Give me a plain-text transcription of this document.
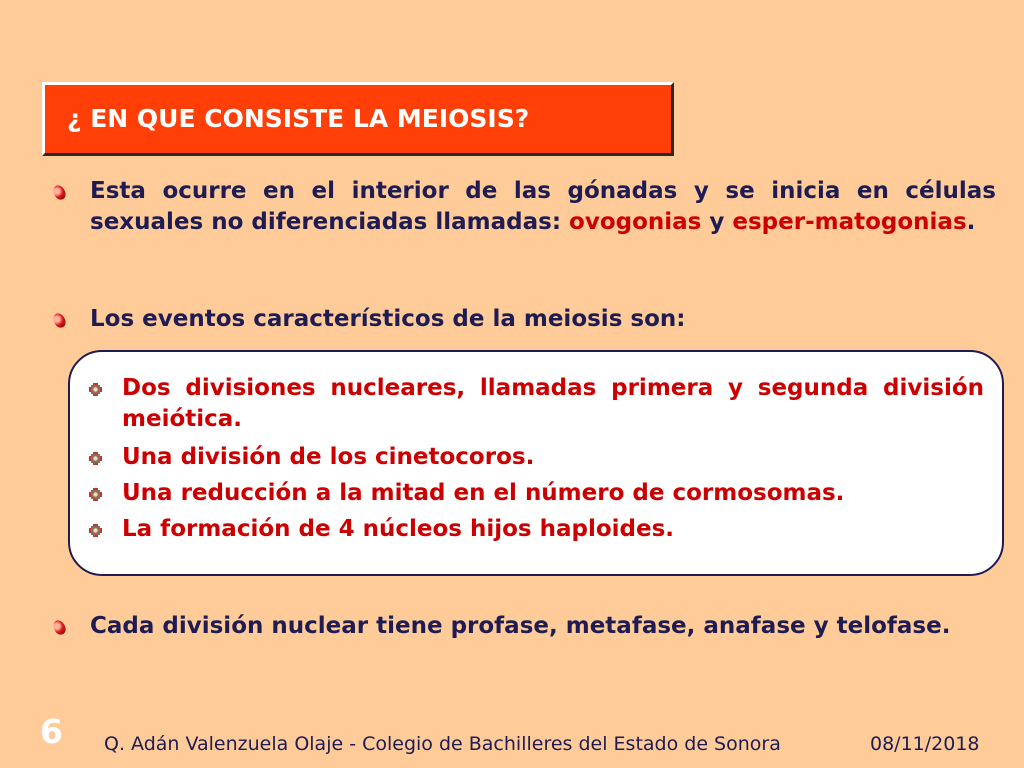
¿ EN QUE CONSISTE LA MEIOSIS?
Esta ocurre en el interior de las gónadas y se inicia en células sexuales no diferenciadas llamadas: ovogonias y esper-matogonias.
Los eventos característicos de la meiosis son:
Dos divisiones nucleares, llamadas primera y segunda división meiótica.
Una división de los cinetocoros.
Una reducción a la mitad en el número de cormosomas.
La formación de 4 núcleos hijos haploides.
Cada división nuclear tiene profase, metafase, anafase y telofase.
6 Q. Adán Valenzuela Olaje - Colegio de Bachilleres del Estado de Sonora	08/11/2018
